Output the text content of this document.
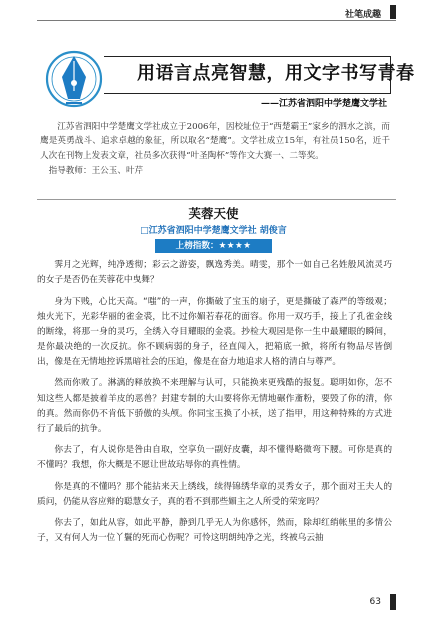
社笔成趣
用语言点亮智慧，用文字书写青春
——江苏省泗阳中学楚鹰文学社

江苏省泗阳中学楚鹰文学社成立于2006年，因校址位于“西楚霸王”家乡的泗水之滨，而鹰是英勇战斗、追求卓越的象征，所以取名“楚鹰”。文学社成立15年，有社员150名，近千人次在刊物上发表文章，社员多次获得“叶圣陶杯”等作文大赛一、二等奖。

指导教师：王公玉、叶芹

芙蓉天使
□江苏省泗阳中学楚鹰文学社 胡俊言
上榜指数：★★★★

霁月之光辉，纯净透彻；彩云之游姿，飘逸秀美。晴雯，那个一如自己名姓般风流灵巧的女子是否仍在芙蓉花中曳舞？

身为下贱，心比天高。“嗤”的一声，你撕破了宝玉的扇子，更是撕破了森严的等级观；烛火光下，光彩华丽的雀金裘，比不过你媚若春花的面容。你用一双巧手，接上了孔雀金线的断缘，将那一身的灵巧，全绣入夺目耀眼的金裘。抄检大观园是你一生中最耀眼的瞬间，是你最决绝的一次反抗。你不顾病弱的身子，径直闯入，把箱底一掀，将所有物品尽皆倒出，像是在无情地控诉黑暗社会的压迫，像是在奋力地追求人格的清白与尊严。

然而你败了。淋漓的释放换不来理解与认可，只能换来更残酷的报复。聪明如你，怎不知这些人都是披着羊皮的恶兽？封建专制的大山要将你无情地碾作齑粉，要毁了你的清，你的真。然而你仍不肯低下骄傲的头颅。你同宝玉换了小袄，送了指甲，用这种特殊的方式进行了最后的抗争。

你去了，有人说你是咎由自取，空享负一副好皮囊，却不懂得略微弯下腰。可你是真的不懂吗？我想，你大概是不愿让世故玷辱你的真性情。

你是真的不懂吗？那个能拈来天上绣线，续得锦绣华章的灵秀女子，那个面对王夫人的质问，仍能从容应辩的聪慧女子，真的看不到那些媚主之人所受的荣宠吗？

你去了，如此从容，如此平静，静到几乎无人为你感怀，然而，除却红绡帐里的多情公子，又有何人为一位丫鬟的死而心伤呢？可怜这明朗纯净之光，终被乌云抽

63
